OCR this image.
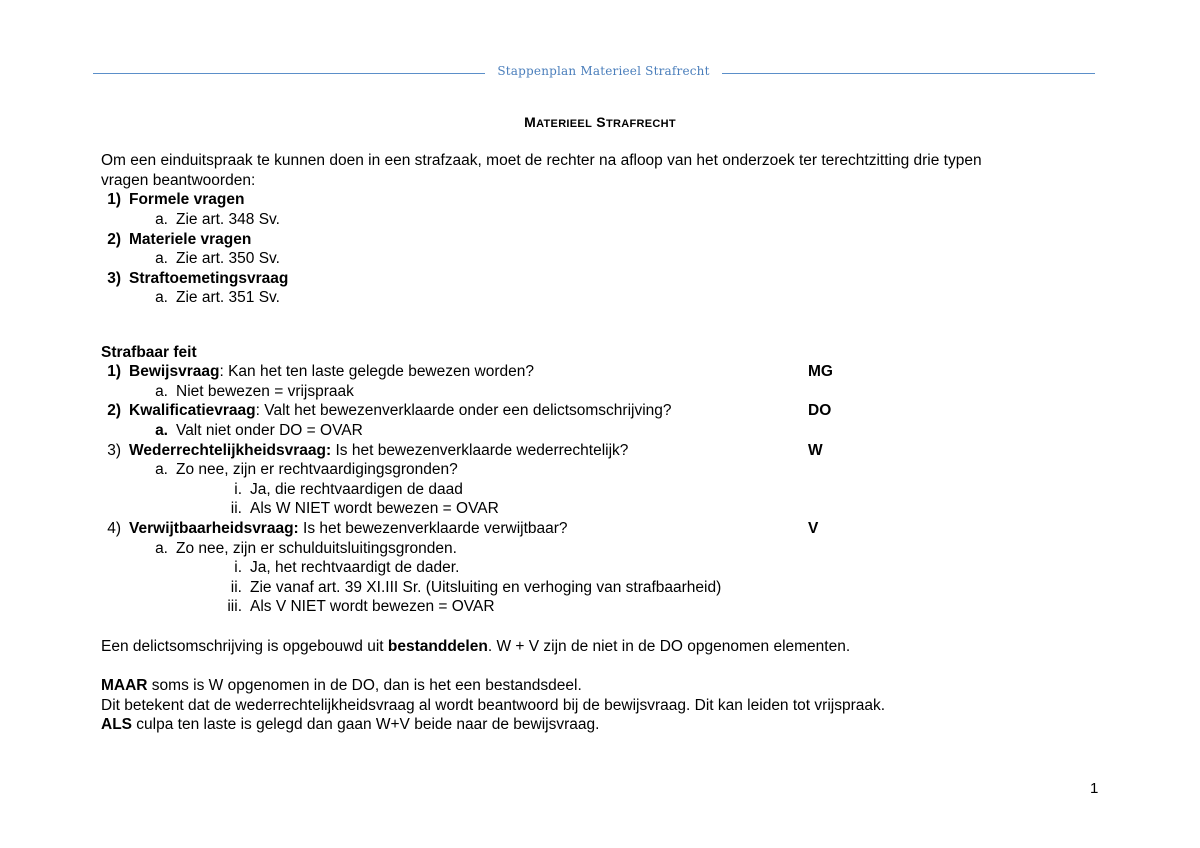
Stappenplan Materieel Strafrecht
MATERIEEL STRAFRECHT
Om een einduitspraak te kunnen doen in een strafzaak, moet de rechter na afloop van het onderzoek ter terechtzitting drie typen
vragen beantwoorden:
1) Formele vragen
a. Zie art. 348 Sv.
2) Materiele vragen
a. Zie art. 350 Sv.
3) Straftoemetingsvraag
a. Zie art. 351 Sv.
Strafbaar feit
1) Bewijsvraag: Kan het ten laste gelegde bewezen worden?	MG
a. Niet bewezen = vrijspraak
2) Kwalificatievraag: Valt het bewezenverklaarde onder een delictsomschrijving?	DO
a. Valt niet onder DO = OVAR
3) Wederrechtelijkheidsvraag: Is het bewezenverklaarde wederrechtelijk?	W
a. Zo nee, zijn er rechtvaardigingsgronden?
i. Ja, die rechtvaardigen de daad
ii. Als W NIET wordt bewezen = OVAR
4) Verwijtbaarheidsvraag: Is het bewezenverklaarde verwijtbaar?	V
a. Zo nee, zijn er schulduitsluitingsgronden.
i. Ja, het rechtvaardigt de dader.
ii. Zie vanaf art. 39 XI.III Sr. (Uitsluiting en verhoging van strafbaarheid)
iii. Als V NIET wordt bewezen = OVAR
Een delictsomschrijving is opgebouwd uit bestanddelen. W + V zijn de niet in de DO opgenomen elementen.
MAAR soms is W opgenomen in de DO, dan is het een bestandsdeel.
Dit betekent dat de wederrechtelijkheidsvraag al wordt beantwoord bij de bewijsvraag. Dit kan leiden tot vrijspraak.
ALS culpa ten laste is gelegd dan gaan W+V beide naar de bewijsvraag.
1
